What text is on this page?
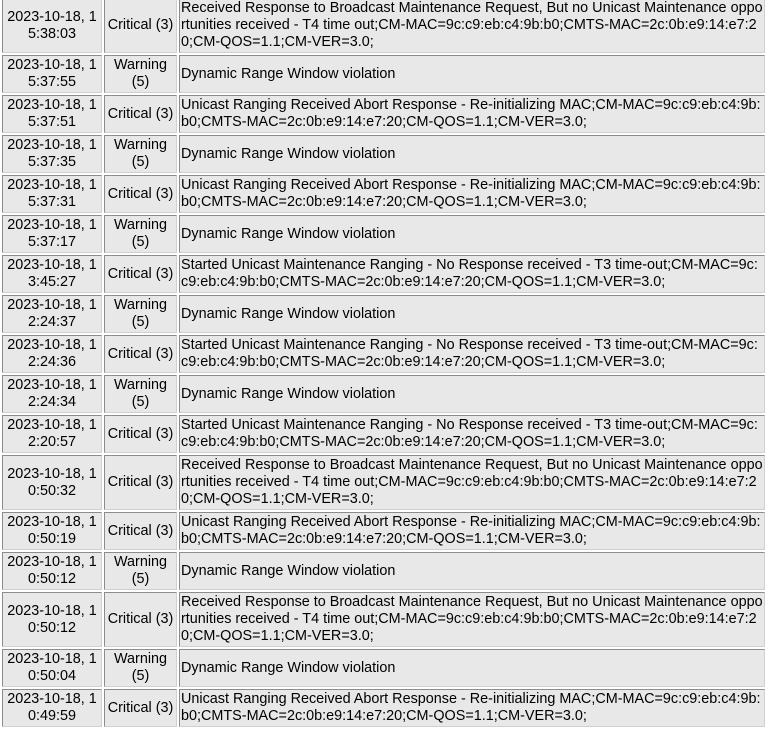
2023-10-18, 15:38:03	Critical (3)	Received Response to Broadcast Maintenance Request, But no Unicast Maintenance opportunities received - T4 time out;CM-MAC=9c:c9:eb:c4:9b:b0;CMTS-MAC=2c:0b:e9:14:e7:20;CM-QOS=1.1;CM-VER=3.0;
2023-10-18, 15:37:55	Warning (5)	Dynamic Range Window violation
2023-10-18, 15:37:51	Critical (3)	Unicast Ranging Received Abort Response - Re-initializing MAC;CM-MAC=9c:c9:eb:c4:9b:b0;CMTS-MAC=2c:0b:e9:14:e7:20;CM-QOS=1.1;CM-VER=3.0;
2023-10-18, 15:37:35	Warning (5)	Dynamic Range Window violation
2023-10-18, 15:37:31	Critical (3)	Unicast Ranging Received Abort Response - Re-initializing MAC;CM-MAC=9c:c9:eb:c4:9b:b0;CMTS-MAC=2c:0b:e9:14:e7:20;CM-QOS=1.1;CM-VER=3.0;
2023-10-18, 15:37:17	Warning (5)	Dynamic Range Window violation
2023-10-18, 13:45:27	Critical (3)	Started Unicast Maintenance Ranging - No Response received - T3 time-out;CM-MAC=9c:c9:eb:c4:9b:b0;CMTS-MAC=2c:0b:e9:14:e7:20;CM-QOS=1.1;CM-VER=3.0;
2023-10-18, 12:24:37	Warning (5)	Dynamic Range Window violation
2023-10-18, 12:24:36	Critical (3)	Started Unicast Maintenance Ranging - No Response received - T3 time-out;CM-MAC=9c:c9:eb:c4:9b:b0;CMTS-MAC=2c:0b:e9:14:e7:20;CM-QOS=1.1;CM-VER=3.0;
2023-10-18, 12:24:34	Warning (5)	Dynamic Range Window violation
2023-10-18, 12:20:57	Critical (3)	Started Unicast Maintenance Ranging - No Response received - T3 time-out;CM-MAC=9c:c9:eb:c4:9b:b0;CMTS-MAC=2c:0b:e9:14:e7:20;CM-QOS=1.1;CM-VER=3.0;
2023-10-18, 10:50:32	Critical (3)	Received Response to Broadcast Maintenance Request, But no Unicast Maintenance opportunities received - T4 time out;CM-MAC=9c:c9:eb:c4:9b:b0;CMTS-MAC=2c:0b:e9:14:e7:20;CM-QOS=1.1;CM-VER=3.0;
2023-10-18, 10:50:19	Critical (3)	Unicast Ranging Received Abort Response - Re-initializing MAC;CM-MAC=9c:c9:eb:c4:9b:b0;CMTS-MAC=2c:0b:e9:14:e7:20;CM-QOS=1.1;CM-VER=3.0;
2023-10-18, 10:50:12	Warning (5)	Dynamic Range Window violation
2023-10-18, 10:50:12	Critical (3)	Received Response to Broadcast Maintenance Request, But no Unicast Maintenance opportunities received - T4 time out;CM-MAC=9c:c9:eb:c4:9b:b0;CMTS-MAC=2c:0b:e9:14:e7:20;CM-QOS=1.1;CM-VER=3.0;
2023-10-18, 10:50:04	Warning (5)	Dynamic Range Window violation
2023-10-18, 10:49:59	Critical (3)	Unicast Ranging Received Abort Response - Re-initializing MAC;CM-MAC=9c:c9:eb:c4:9b:b0;CMTS-MAC=2c:0b:e9:14:e7:20;CM-QOS=1.1;CM-VER=3.0;
